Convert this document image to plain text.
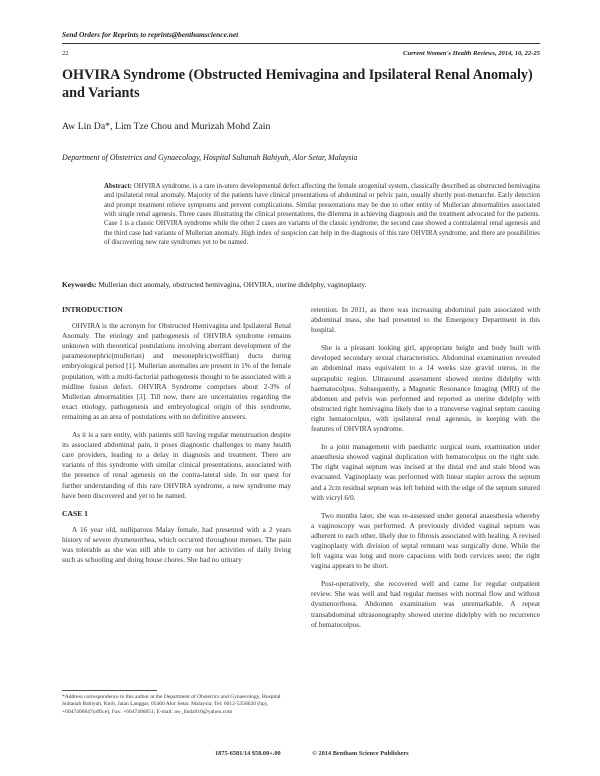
Send Orders for Reprints to reprints@benthamscience.net
22	Current Women's Health Reviews, 2014, 10, 22-25
OHVIRA Syndrome (Obstructed Hemivagina and Ipsilateral Renal Anomaly) and Variants
Aw Lin Da*, Lim Tze Chou and Murizah Mohd Zain
Department of Obstetrics and Gynaecology, Hospital Sultanah Bahiyah, Alor Setar, Malaysia
Abstract: OHVIRA syndrome, is a rare in-utero developmental defect affecting the female urogenital system, classically described as obstructed hemivagina and ipsilateral renal anomaly. Majority of the patients have clinical presentations of abdominal or pelvic pain, usually shortly post-menarche. Early detection and prompt treatment relieve symptoms and prevent complications. Similar presentations may be due to other entity of Mullerian abnormalities associated with single renal agenesis. Three cases illustrating the clinical presentations, the dilemma in achieving diagnosis and the treatment advocated for the patients. Case 1 is a classic OHVIRA syndrome while the other 2 cases are variants of the classic syndrome; the second case showed a contralateral renal agenesis and the third case had variants of Mullerian anomaly. High index of suspicion can help in the diagnosis of this rare OHVIRA syndrome, and there are possibilities of discovering new rare syndromes yet to be named.
Keywords: Mullerian duct anomaly, obstructed hemivagina, OHVIRA, uterine didelphy, vaginoplasty.
INTRODUCTION

OHVIRA is the acronym for Obstructed Hemivagina and Ipsilateral Renal Anomaly. The etiology and pathogenesis of OHVIRA syndrome remains unknown with theoretical postulations involving aberrant development of the paramesonephric(mullerian) and mesonephric(wolffian) ducts during embryological period [1]. Mullerian anomalies are present in 1% of the female population, with a multi-factorial pathogenesis thought to be associated with a midline fusion defect. OHVIRA Syndrome comprises about 2-3% of Mullerian abnormalities [3]. Till now, there are uncertainties regarding the exact etiology, pathogenesis and embryological origin of this syndrome, remaining as an area of postulations with no definitive answers.

As it is a rare entity, with patients still having regular menstruation despite its associated abdominal pain, it poses diagnostic challenges to many health care providers, leading to a delay in diagnosis and treatment. There are variants of this syndrome with similar clinical presentations, associated with the presence of renal agenesis on the contra-lateral side. In our quest for further understanding of this rare OHVIRA syndrome, a new syndrome may have been discovered and yet to be named.

CASE 1

A 16 year old, nulliparous Malay female, had presented with a 2 years history of severe dysmenorrhea, which occurred throughout menses. The pain was tolerable as she was still able to carry out her activities of daily living such as schooling and doing house chores. She had no urinary

retention. In 2011, as there was increasing abdominal pain associated with abdominal mass, she had presented to the Emergency Department in this hospital.

She is a pleasant looking girl, appropriate height and body built with developed secondary sexual characteristics. Abdominal examination revealed an abdominal mass equivalent to a 14 weeks size gravid uterus, in the suprapubic region. Ultrasound assessment showed uterine didelphy with haematocolpus. Subsequently, a Magnetic Resonance Imaging (MRI) of the abdomen and pelvis was performed and reported as uterine didelphy with obstructed right hemivagina likely due to a transverse vaginal septum causing right hematocolpus, with ipsilateral renal agenesis, in keeping with the features of OHVIRA syndrome.

In a joint management with paediatric surgical team, examination under anaesthesia showed vaginal duplication with hematocolpus on the right side. The right vaginal septum was incised at the distal end and stale blood was evacuated. Vaginoplasty was performed with linear stapler across the septum and a 2cm residual septum was left behind with the edge of the septum sutured with vicryl 6/0.

Two months later, she was re-assessed under general anaesthesia whereby a vaginoscopy was performed. A previously divided vaginal septum was adherent to each other, likely due to fibrosis associated with healing. A revised vaginoplasty with division of septal remnant was surgically done. While the left vagina was long and more capacious with both cervices seen; the right vagina appears to be short.

Post-operatively, she recovered well and came for regular outpatient review. She was well and had regular menses with normal flow and without dysmenorrhoea. Abdomen examination was unremarkable. A repeat transabdominal ultrasonography showed uterine didelphy with no recurrence of hematocolpos.

*Address correspondence to this author at the Department of Obstetrics and Gynaecology, Hospital Sultanah Bahiyah, Km6, Jalan Langgar, 05460 Alor Setar, Malaysia; Tel: 6012-5358620 (hp), +6047406847(office); Fax: +6047406851; E-mail: aw_linda910@yahoo.com
1875-6581/14 $58.00+.00	© 2014 Bentham Science Publishers
